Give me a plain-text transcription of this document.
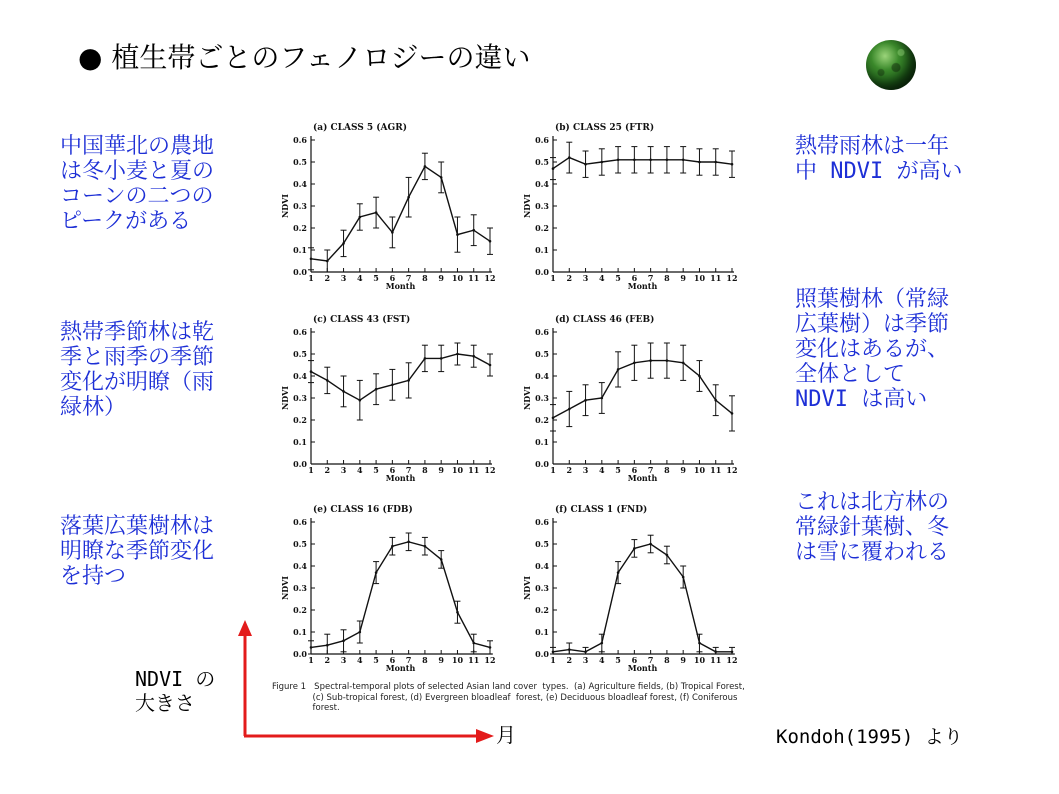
● 植生帯ごとのフェノロジーの違い
中国華北の農地
は冬小麦と夏の
コーンの二つの
ピークがある
熱帯雨林は一年
中 NDVI が高い
熱帯季節林は乾
季と雨季の季節
変化が明瞭（雨
緑林）
照葉樹林（常緑
広葉樹）は季節
変化はあるが、
全体として
NDVI は高い
落葉広葉樹林は
明瞭な季節変化
を持つ
これは北方林の
常緑針葉樹、冬
は雪に覆われる
(a) CLASS 5 (AGR)
0.0
0.1
0.2
0.3
0.4
0.5
0.6
1 2 3 4 5 6 7 8 9 10 11 12
Month
NDVI
(b) CLASS 25 (FTR)
0.0
0.1
0.2
0.3
0.4
0.5
0.6
1 2 3 4 5 6 7 8 9 10 11 12
Month
NDVI
(c) CLASS 43 (FST)
0.0
0.1
0.2
0.3
0.4
0.5
0.6
1 2 3 4 5 6 7 8 9 10 11 12
Month
NDVI
(d) CLASS 46 (FEB)
0.0
0.1
0.2
0.3
0.4
0.5
0.6
1 2 3 4 5 6 7 8 9 10 11 12
Month
NDVI
(e) CLASS 16 (FDB)
0.0
0.1
0.2
0.3
0.4
0.5
0.6
1 2 3 4 5 6 7 8 9 10 11 12
Month
NDVI
(f) CLASS 1 (FND)
0.0
0.1
0.2
0.3
0.4
0.5
0.6
1 2 3 4 5 6 7 8 9 10 11 12
Month
NDVI
Figure 1   Spectral-temporal plots of selected Asian land cover  types.  (a) Agriculture fields, (b) Tropical Forest,
(c) Sub-tropical forest, (d) Evergreen bloadleaf  forest, (e) Deciduous bloadleaf forest, (f) Coniferous
forest.
NDVI の
大きさ
月	Kondoh(1995) より
